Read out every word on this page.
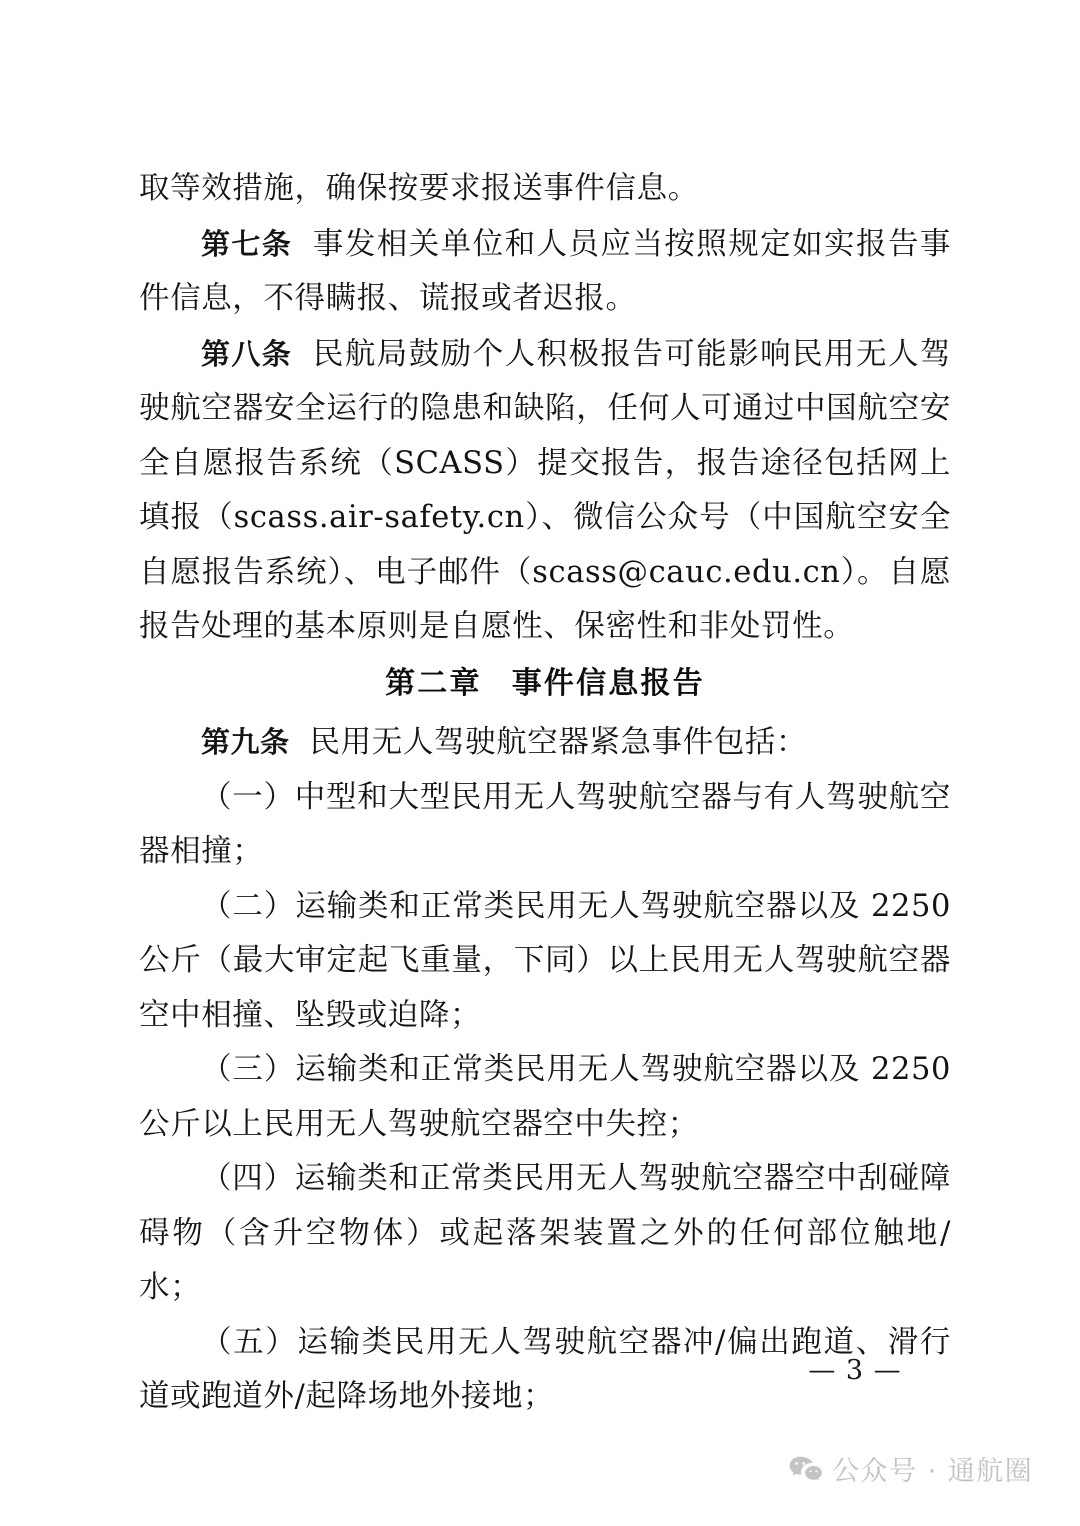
取等效措施，确保按要求报送事件信息。

第七条 事发相关单位和人员应当按照规定如实报告事件信息，不得瞒报、谎报或者迟报。

第八条 民航局鼓励个人积极报告可能影响民用无人驾驶航空器安全运行的隐患和缺陷，任何人可通过中国航空安全自愿报告系统（SCASS）提交报告，报告途径包括网上填报（scass.air-safety.cn）、微信公众号（中国航空安全自愿报告系统）、电子邮件（scass@cauc.edu.cn）。自愿报告处理的基本原则是自愿性、保密性和非处罚性。

第二章 事件信息报告

第九条 民用无人驾驶航空器紧急事件包括：

（一）中型和大型民用无人驾驶航空器与有人驾驶航空器相撞；

（二）运输类和正常类民用无人驾驶航空器以及 2250 公斤（最大审定起飞重量，下同）以上民用无人驾驶航空器空中相撞、坠毁或迫降；

（三）运输类和正常类民用无人驾驶航空器以及 2250 公斤以上民用无人驾驶航空器空中失控；

（四）运输类和正常类民用无人驾驶航空器空中刮碰障碍物（含升空物体）或起落架装置之外的任何部位触地/水；

（五）运输类民用无人驾驶航空器冲/偏出跑道、滑行道或跑道外/起降场地外接地；

— 3 —
公众号 · 通航圈
